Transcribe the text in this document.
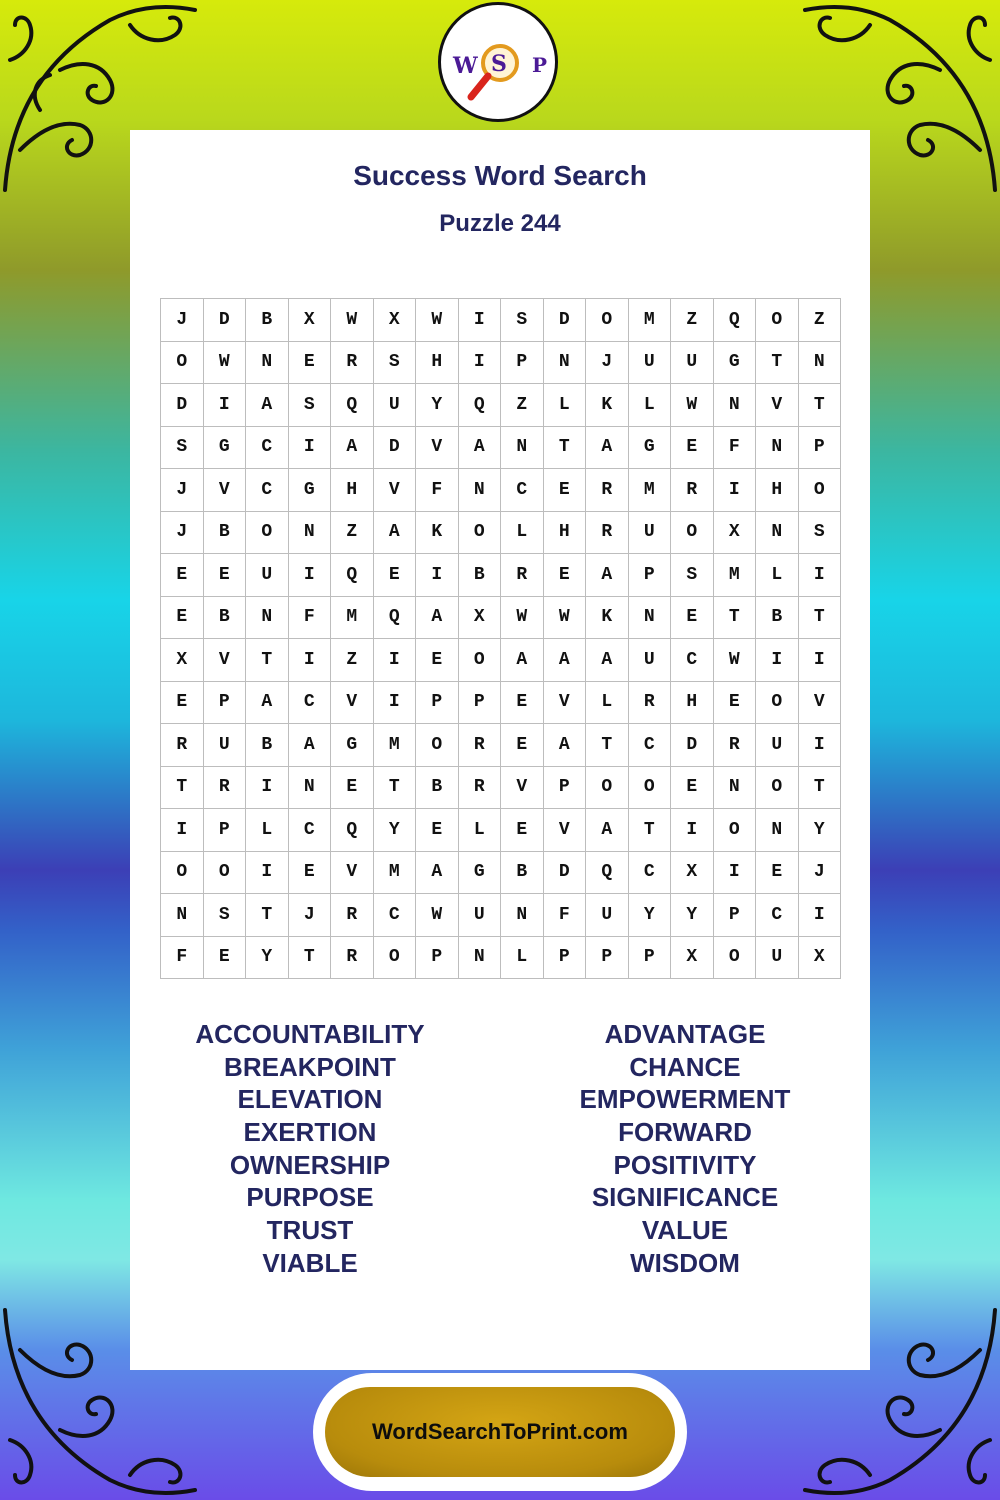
W S P
Success Word Search
Puzzle 244
J	D	B	X	W	X	W	I	S	D	O	M	Z	Q	O	Z
O	W	N	E	R	S	H	I	P	N	J	U	U	G	T	N
D	I	A	S	Q	U	Y	Q	Z	L	K	L	W	N	V	T
S	G	C	I	A	D	V	A	N	T	A	G	E	F	N	P
J	V	C	G	H	V	F	N	C	E	R	M	R	I	H	O
J	B	O	N	Z	A	K	O	L	H	R	U	O	X	N	S
E	E	U	I	Q	E	I	B	R	E	A	P	S	M	L	I
E	B	N	F	M	Q	A	X	W	W	K	N	E	T	B	T
X	V	T	I	Z	I	E	O	A	A	A	U	C	W	I	I
E	P	A	C	V	I	P	P	E	V	L	R	H	E	O	V
R	U	B	A	G	M	O	R	E	A	T	C	D	R	U	I
T	R	I	N	E	T	B	R	V	P	O	O	E	N	O	T
I	P	L	C	Q	Y	E	L	E	V	A	T	I	O	N	Y
O	O	I	E	V	M	A	G	B	D	Q	C	X	I	E	J
N	S	T	J	R	C	W	U	N	F	U	Y	Y	P	C	I
F	E	Y	T	R	O	P	N	L	P	P	P	X	O	U	X
ACCOUNTABILITY
BREAKPOINT
ELEVATION
EXERTION
OWNERSHIP
PURPOSE
TRUST
VIABLE
ADVANTAGE
CHANCE
EMPOWERMENT
FORWARD
POSITIVITY
SIGNIFICANCE
VALUE
WISDOM
WordSearchToPrint.com
